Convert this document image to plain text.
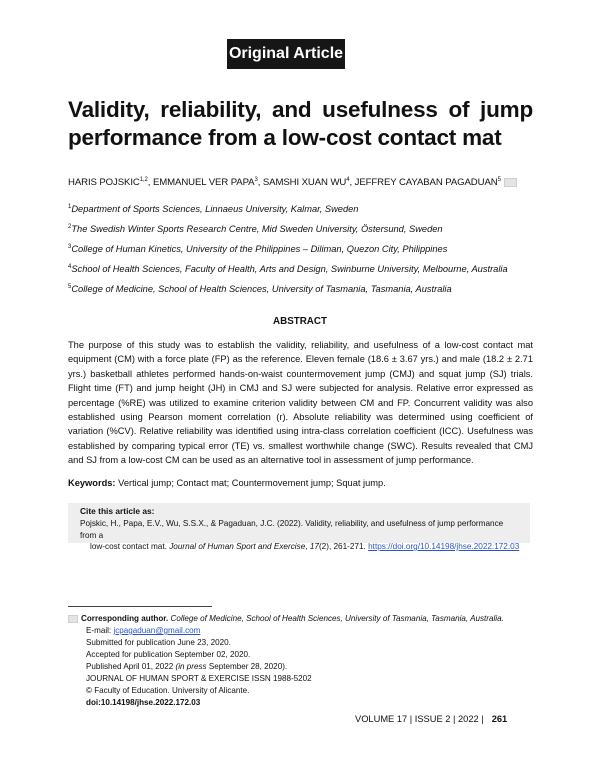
Original Article
Validity, reliability, and usefulness of jump performance from a low-cost contact mat
HARIS POJSKIC$^{1,2}$, EMMANUEL VER PAPA$^3$, SAMSHI XUAN $WU^4$, JEFFREY CAYABAN PAGADUAN$^5$
$^1$Department of Sports Sciences, Linnaeus University, Kalmar, Sweden
$^2$The Swedish Winter Sports Research Centre, Mid Sweden University, Östersund, Sweden
$^3$College of Human Kinetics, University of the Philippines – Diliman, Quezon City, Philippines
$^4$School of Health Sciences, Faculty of Health, Arts and Design, Swinburne University, Melbourne, Australia
$^5$College of Medicine, School of Health Sciences, University of Tasmania, Tasmania, Australia
ABSTRACT
The purpose of this study was to establish the validity, reliability, and usefulness of a low-cost contact mat equipment (CM) with a force plate (FP) as the reference. Eleven female (18.6 ± 3.67 yrs.) and male (18.2 ± 2.71 yrs.) basketball athletes performed hands-on-waist countermovement jump (CMJ) and squat jump (SJ) trials. Flight time (FT) and jump height (JH) in CMJ and SJ were subjected for analysis. Relative error expressed as percentage (%RE) was utilized to examine criterion validity between CM and FP. Concurrent validity was also established using Pearson moment correlation (r). Absolute reliability was determined using coefficient of variation (%CV). Relative reliability was identified using intra-class correlation coefficient (ICC). Usefulness was established by comparing typical error (TE) vs. smallest worthwhile change (SWC). Results revealed that CMJ and SJ from a low-cost CM can be used as an alternative tool in assessment of jump performance.
Keywords: Vertical jump; Contact mat; Countermovement jump; Squat jump.
Cite this article as:
Pojskic, H., Papa, E.V., Wu, S.S.X., & Pagaduan, J.C. (2022). Validity, reliability, and usefulness of jump performance from a
low-cost contact mat. Journal of Human Sport and Exercise, 17(2), 261-271. https://doi.org/10.14198/jhse.2022.172.03
Corresponding author. College of Medicine, School of Health Sciences, University of Tasmania, Tasmania, Australia.
E-mail: jcpagaduan@gmail.com
Submitted for publication June 23, 2020.
Accepted for publication September 02, 2020.
Published April 01, 2022 (in press September 28, 2020).
JOURNAL OF HUMAN SPORT & EXERCISE ISSN 1988-5202
© Faculty of Education. University of Alicante.
doi:10.14198/jhse.2022.172.03
VOLUME 17 | ISSUE 2 | 2022 | 261
